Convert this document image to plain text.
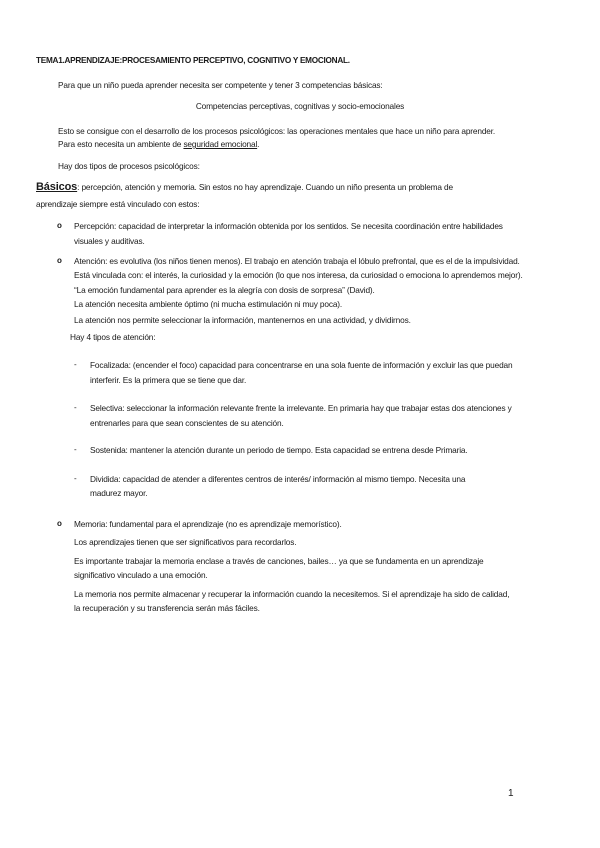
TEMA1.APRENDIZAJE:PROCESAMIENTO PERCEPTIVO, COGNITIVO Y EMOCIONAL.
Para que un niño pueda aprender necesita ser competente y tener 3 competencias básicas:
Competencias perceptivas, cognitivas y socio-emocionales
Esto se consigue con el desarrollo de los procesos psicológicos: las operaciones mentales que hace un niño para aprender.
Para esto necesita un ambiente de seguridad emocional.
Hay dos tipos de procesos psicológicos:
Básicos: percepción, atención y memoria. Sin estos no hay aprendizaje. Cuando un niño presenta un problema de
aprendizaje siempre está vinculado con estos:
o Percepción: capacidad de interpretar la información obtenida por los sentidos. Se necesita coordinación entre habilidades
visuales y auditivas.
o Atención: es evolutiva (los niños tienen menos). El trabajo en atención trabaja el lóbulo prefrontal, que es el de la impulsividad.
Está vinculada con: el interés, la curiosidad y la emoción (lo que nos interesa, da curiosidad o emociona lo aprendemos mejor).
“La emoción fundamental para aprender es la alegría con dosis de sorpresa” (David).
La atención necesita ambiente óptimo (ni mucha estimulación ni muy poca).
La atención nos permite seleccionar la información, mantenernos en una actividad, y dividirnos.
Hay 4 tipos de atención:
- Focalizada: (encender el foco) capacidad para concentrarse en una sola fuente de información y excluir las que puedan
interferir. Es la primera que se tiene que dar.
- Selectiva: seleccionar la información relevante frente la irrelevante. En primaria hay que trabajar estas dos atenciones y
entrenarles para que sean conscientes de su atención.
- Sostenida: mantener la atención durante un periodo de tiempo. Esta capacidad se entrena desde Primaria.
- Dividida: capacidad de atender a diferentes centros de interés/ información al mismo tiempo. Necesita una
madurez mayor.
o Memoria: fundamental para el aprendizaje (no es aprendizaje memorístico).
Los aprendizajes tienen que ser significativos para recordarlos.
Es importante trabajar la memoria enclase a través de canciones, bailes… ya que se fundamenta en un aprendizaje
significativo vinculado a una emoción.
La memoria nos permite almacenar y recuperar la información cuando la necesitemos. Si el aprendizaje ha sido de calidad,
la recuperación y su transferencia serán más fáciles.
1
